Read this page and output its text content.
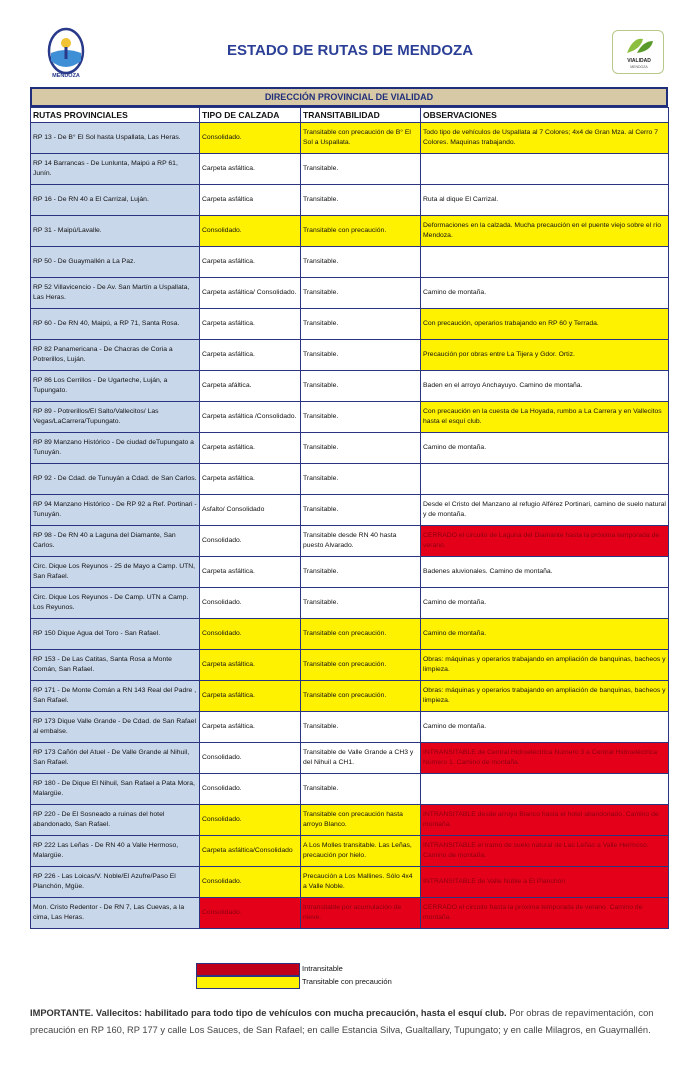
MENDOZA
ESTADO DE RUTAS DE MENDOZA
VIALIDAD
MENDOZA
DIRECCIÓN PROVINCIAL DE VIALIDAD
RUTAS PROVINCIALES	TIPO DE CALZADA	TRANSITABILIDAD	OBSERVACIONES
RP 13 - De B° El Sol hasta Uspallata, Las Heras.	Consolidado.	Transitable con precaución de B° El Sol a Uspallata.	Todo tipo de vehículos de Uspallata al 7 Colores; 4x4 de Gran Mza. al Cerro 7 Colores. Maquinas trabajando.
RP 14 Barrancas - De Lunlunta, Maipú a RP 61, Junín.	Carpeta asfáltica.	Transitable.	
RP 16 - De RN 40 a El Carrizal, Luján.	Carpeta asfáltica	Transitable.	Ruta al dique El Carrizal.
RP 31 - Maipú/Lavalle.	Consolidado.	Transitable con precaución.	Deformaciones en la calzada. Mucha precaución en el puente viejo sobre el río Mendoza.
RP 50 - De Guaymallén a La Paz.	Carpeta asfáltica.	Transitable.	
RP 52 Villavicencio - De Av. San Martín a Uspallata, Las Heras.	Carpeta asfáltica/ Consolidado.	Transitable.	Camino de montaña.
RP 60 - De RN 40, Maipú, a RP 71, Santa Rosa.	Carpeta asfáltica.	Transitable.	Con precaución, operarios trabajando en RP 60 y Terrada.
RP 82 Panamericana - De Chacras de Coria a Potrerillos, Luján.	Carpeta asfáltica.	Transitable.	Precaución por obras entre La Tijera y Gdor. Ortiz.
RP 86 Los Cerrillos - De Ugarteche, Luján, a Tupungato.	Carpeta afáltica.	Transitable.	Baden en el arroyo Anchayuyo. Camino de montaña.
RP 89 - Potrerillos/El Salto/Vallecitos/ Las Vegas/LaCarrera/Tupungato.	Carpeta asfáltica /Consolidado.	Transitable.	Con precaución en la cuesta de La Hoyada, rumbo a La Carrera y en Vallecitos hasta el esquí club.
RP 89 Manzano Histórico - De ciudad deTupungato a Tunuyán.	Carpeta asfáltica.	Transitable.	Camino de montaña.
RP 92 - De Cdad. de Tunuyán a Cdad. de San Carlos.	Carpeta asfáltica.	Transitable.	
RP 94 Manzano Histórico - De RP 92 a Ref. Portinari - Tunuyán.	Asfalto/ Consolidado	Transitable.	Desde el Cristo del Manzano al refugio Alférez Portinari, camino de suelo natural y de montaña.
RP 98 - De RN 40 a Laguna del Diamante, San Carlos.	Consolidado.	Transitable desde RN 40 hasta puesto Alvarado.	CERRADO el circuito de Laguna del Diamante hasta la próxima temporada de verano.
Circ. Dique Los Reyunos - 25 de Mayo a Camp. UTN, San Rafael.	Carpeta asfáltica.	Transitable.	Badenes aluvionales. Camino de montaña.
Circ. Dique Los Reyunos - De Camp. UTN a Camp. Los Reyunos.	Consolidado.	Transitable.	Camino de montaña.
RP 150 Dique Agua del Toro - San Rafael.	Consolidado.	Transitable con precaución.	Camino de montaña.
RP 153 - De Las Catitas, Santa Rosa a Monte Comán, San Rafael.	Carpeta asfáltica.	Transitable con precaución.	Obras: máquinas y operarios trabajando en ampliación de banquinas, bacheos y limpieza.
RP 171 - De Monte Comán a RN 143 Real del Padre , San Rafael.	Carpeta asfáltica.	Transitable con precaución.	Obras: máquinas y operarios trabajando en ampliación de banquinas, bacheos y limpieza.
RP 173 Dique Valle Grande - De Cdad. de San Rafael al embalse.	Carpeta asfáltica.	Transitable.	Camino de montaña.
RP 173 Cañón del Atuel - De Valle Grande al Nihuil, San Rafael.	Consolidado.	Transitable de Valle Grande a CH3 y del Nihuil a CH1.	INTRANSITABLE de Central Hidroeléctrica Número 3 a Central Hidroeléctrica Número 1. Camino de montaña.
RP 180 - De Dique El Nihuil, San Rafael a Pata Mora, Malargüe.	Consolidado.	Transitable.	
RP 220 - De El Sosneado a ruinas del hotel abandonado, San Rafael.	Consolidado.	Transitable con precaución hasta arroyo Blanco.	INTRANSITABLE desde arroyo Blanco hasta el hotel abandonado. Camino de montaña.
RP 222 Las Leñas - De RN 40 a Valle Hermoso, Malargüe.	Carpeta asfáltica/Consolidado	A Los Molles transitable. Las Leñas, precaución por hielo.	INTRANSITABLE el tramo de suelo natural de Las Leñas a Valle Hermoso. Camino de montaña.
RP 226 - Las Loicas/V. Noble/El Azufre/Paso El Planchón, Mgüe.	Consolidado.	Precaución a Los Mallines. Sólo 4x4 a Valle Noble.	INTRANSITABLE de Valle Noble a El Planchón
Mon. Cristo Redentor - De RN 7, Las Cuevas, a la cima, Las Heras.	Consolidado.	Intransitable por acumulación de nieve.	CERRADO el circuito hasta la próxima temporada de verano. Camino de montaña.
Intransitable
Transitable con precaución
IMPORTANTE. Vallecitos: habilitado para todo tipo de vehículos con mucha precaución, hasta el esquí club. Por obras de repavimentación, con precaución en RP 160, RP 177 y calle Los Sauces, de San Rafael; en calle Estancia Silva, Gualtallary, Tupungato; y en calle Milagros, en Guaymallén.
